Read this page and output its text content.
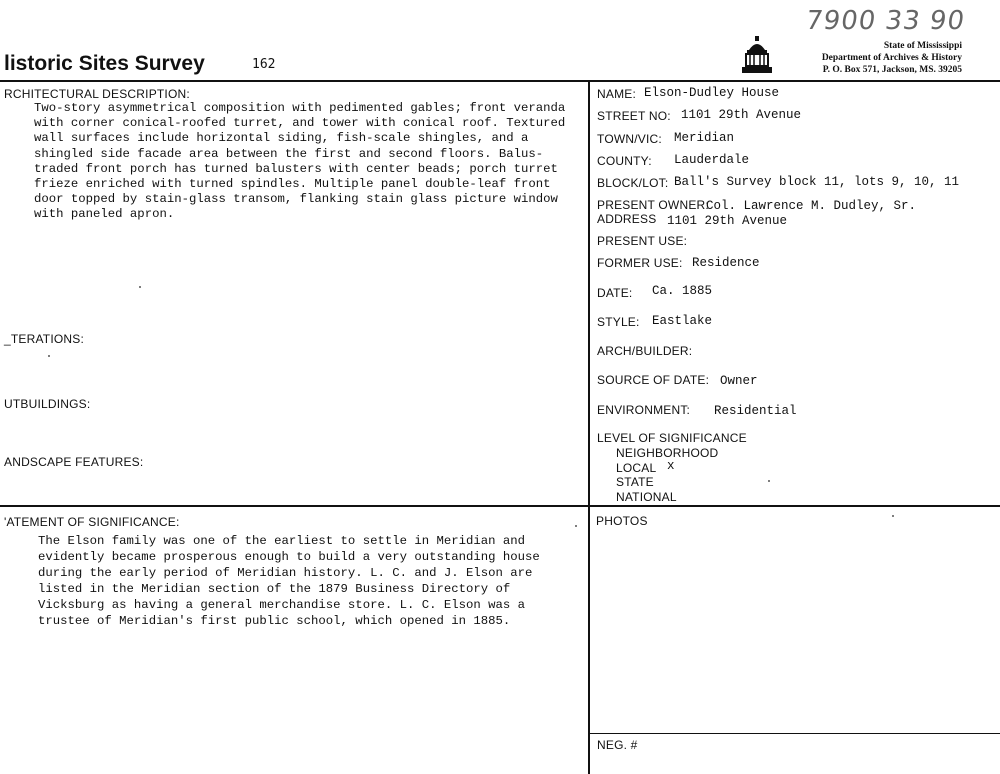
7900 33 90
listoric Sites Survey	162
State of Mississippi
Department of Archives & History
P. O. Box 571, Jackson, MS. 39205
RCHITECTURAL DESCRIPTION:
Two-story asymmetrical composition with pedimented gables; front veranda
with corner conical-roofed turret, and tower with conical roof. Textured
wall surfaces include horizontal siding, fish-scale shingles, and a
shingled side facade area between the first and second floors. Balus-
traded front porch has turned balusters with center beads; porch turret
frieze enriched with turned spindles. Multiple panel double-leaf front
door topped by stain-glass transom, flanking stain glass picture window
with paneled apron.
_TERATIONS:
UTBUILDINGS:
ANDSCAPE FEATURES:
'ATEMENT OF SIGNIFICANCE:
The Elson family was one of the earliest to settle in Meridian and
evidently became prosperous enough to build a very outstanding house
during the early period of Meridian history. L. C. and J. Elson are
listed in the Meridian section of the 1879 Business Directory of
Vicksburg as having a general merchandise store. L. C. Elson was a
trustee of Meridian's first public school, which opened in 1885.
NAME: Elson-Dudley House
STREET NO: 1101 29th Avenue
TOWN/VIC: Meridian
COUNTY: Lauderdale
BLOCK/LOT: Ball's Survey block 11, lots 9, 10, 11
PRESENT OWNER:
Col. Lawrence M. Dudley, Sr.
ADDRESS 1101 29th Avenue
PRESENT USE:
FORMER USE: Residence
DATE: Ca. 1885
STYLE: Eastlake
ARCH/BUILDER:
SOURCE OF DATE: Owner
ENVIRONMENT: Residential
LEVEL OF SIGNIFICANCE
NEIGHBORHOOD
LOCAL x
STATE
NATIONAL
PHOTOS
NEG. #
